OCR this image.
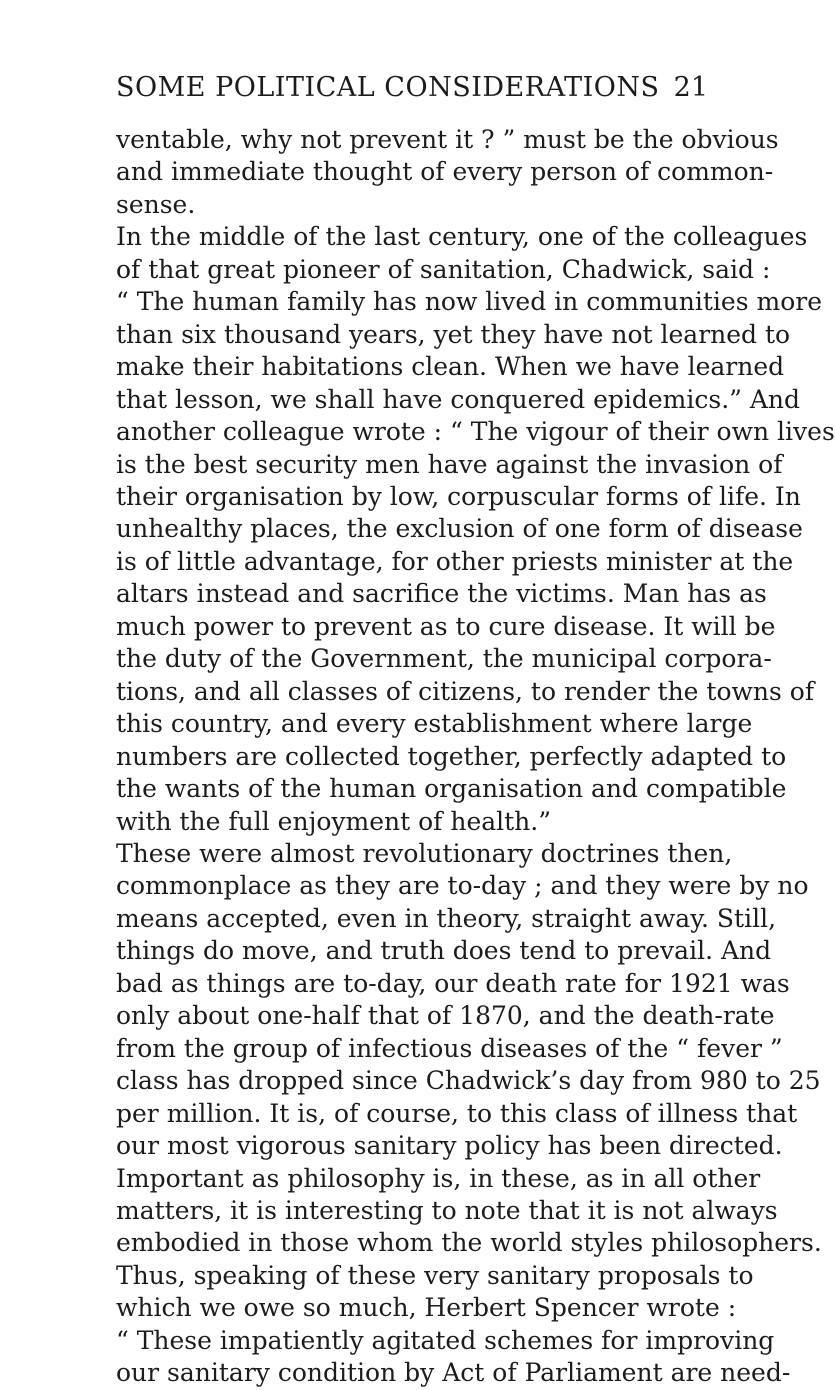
SOME POLITICAL CONSIDERATIONS 21
ventable, why not prevent it ? ” must be the obvious
and immediate thought of every person of common-
sense.
In the middle of the last century, one of the colleagues
of that great pioneer of sanitation, Chadwick, said :
“ The human family has now lived in communities more
than six thousand years, yet they have not learned to
make their habitations clean. When we have learned
that lesson, we shall have conquered epidemics.” And
another colleague wrote : “ The vigour of their own lives
is the best security men have against the invasion of
their organisation by low, corpuscular forms of life. In
unhealthy places, the exclusion of one form of disease
is of little advantage, for other priests minister at the
altars instead and sacrifice the victims. Man has as
much power to prevent as to cure disease. It will be
the duty of the Government, the municipal corpora-
tions, and all classes of citizens, to render the towns of
this country, and every establishment where large
numbers are collected together, perfectly adapted to
the wants of the human organisation and compatible
with the full enjoyment of health.”
These were almost revolutionary doctrines then,
commonplace as they are to-day ; and they were by no
means accepted, even in theory, straight away. Still,
things do move, and truth does tend to prevail. And
bad as things are to-day, our death rate for 1921 was
only about one-half that of 1870, and the death-rate
from the group of infectious diseases of the “ fever ”
class has dropped since Chadwick’s day from 980 to 25
per million. It is, of course, to this class of illness that
our most vigorous sanitary policy has been directed.
Important as philosophy is, in these, as in all other
matters, it is interesting to note that it is not always
embodied in those whom the world styles philosophers.
Thus, speaking of these very sanitary proposals to
which we owe so much, Herbert Spencer wrote :
“ These impatiently agitated schemes for improving
our sanitary condition by Act of Parliament are need-
